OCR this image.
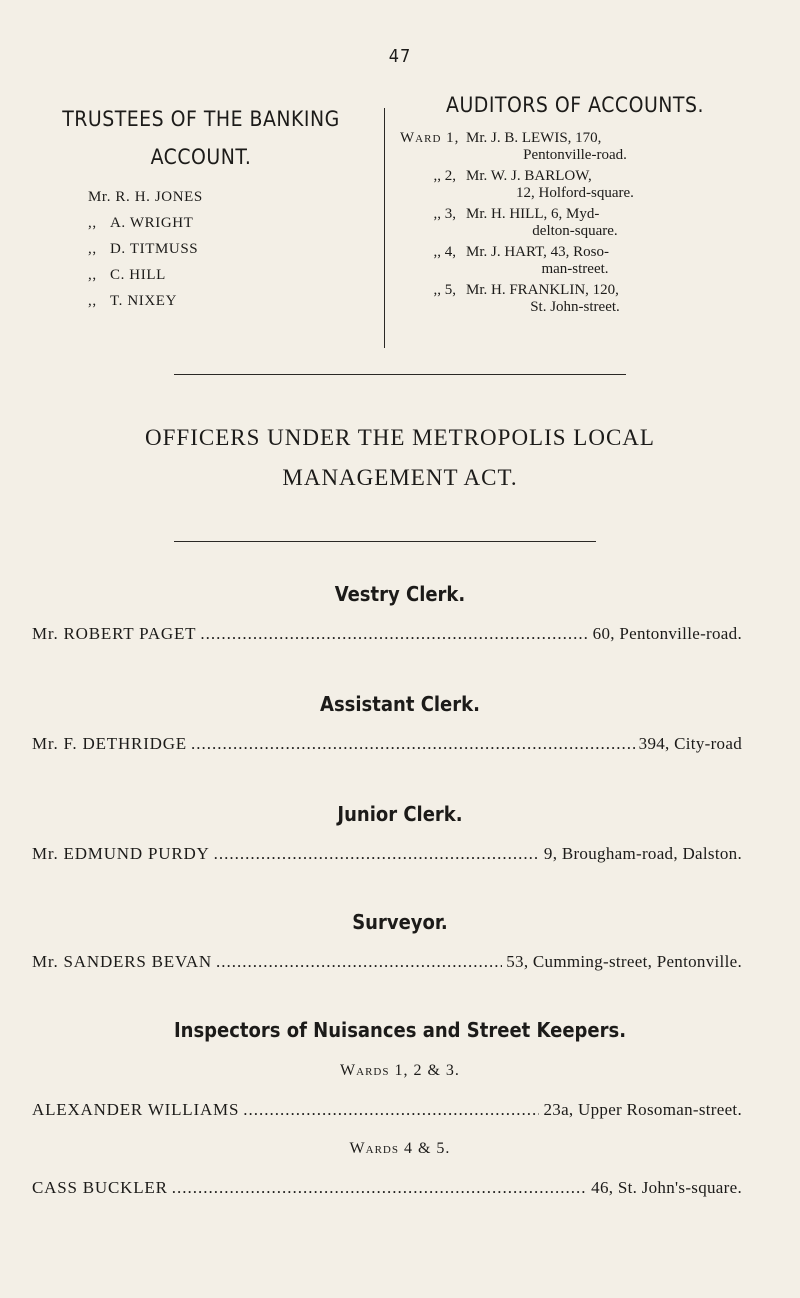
47
TRUSTEES OF THE BANKING
ACCOUNT.
Mr. R. H. JONES
,, A. WRIGHT
,, D. TITMUSS
,, C. HILL
,, T. NIXEY
AUDITORS OF ACCOUNTS.
Ward 1, Mr. J. B. LEWIS, 170,
Pentonville-road.
,, 2, Mr. W. J. BARLOW,
12, Holford-square.
,, 3, Mr. H. HILL, 6, Myd-
delton-square.
,, 4, Mr. J. HART, 43, Roso-
man-street.
,, 5, Mr. H. FRANKLIN, 120,
St. John-street.
OFFICERS UNDER THE METROPOLIS LOCAL
MANAGEMENT ACT.
Vestry Clerk.
Mr. ROBERT PAGET .....	60, Pentonville-road.
Assistant Clerk.
Mr. F. DETHRIDGE .....	394, City-road
Junior Clerk.
Mr. EDMUND PURDY .....	9, Brougham-road, Dalston.
Surveyor.
Mr. SANDERS BEVAN .....	53, Cumming-street, Pentonville.
Inspectors of Nuisances and Street Keepers.
Wards 1, 2 & 3.
ALEXANDER WILLIAMS .....	23a, Upper Rosoman-street.
Wards 4 & 5.
CASS BUCKLER .....	46, St. John's-square.
